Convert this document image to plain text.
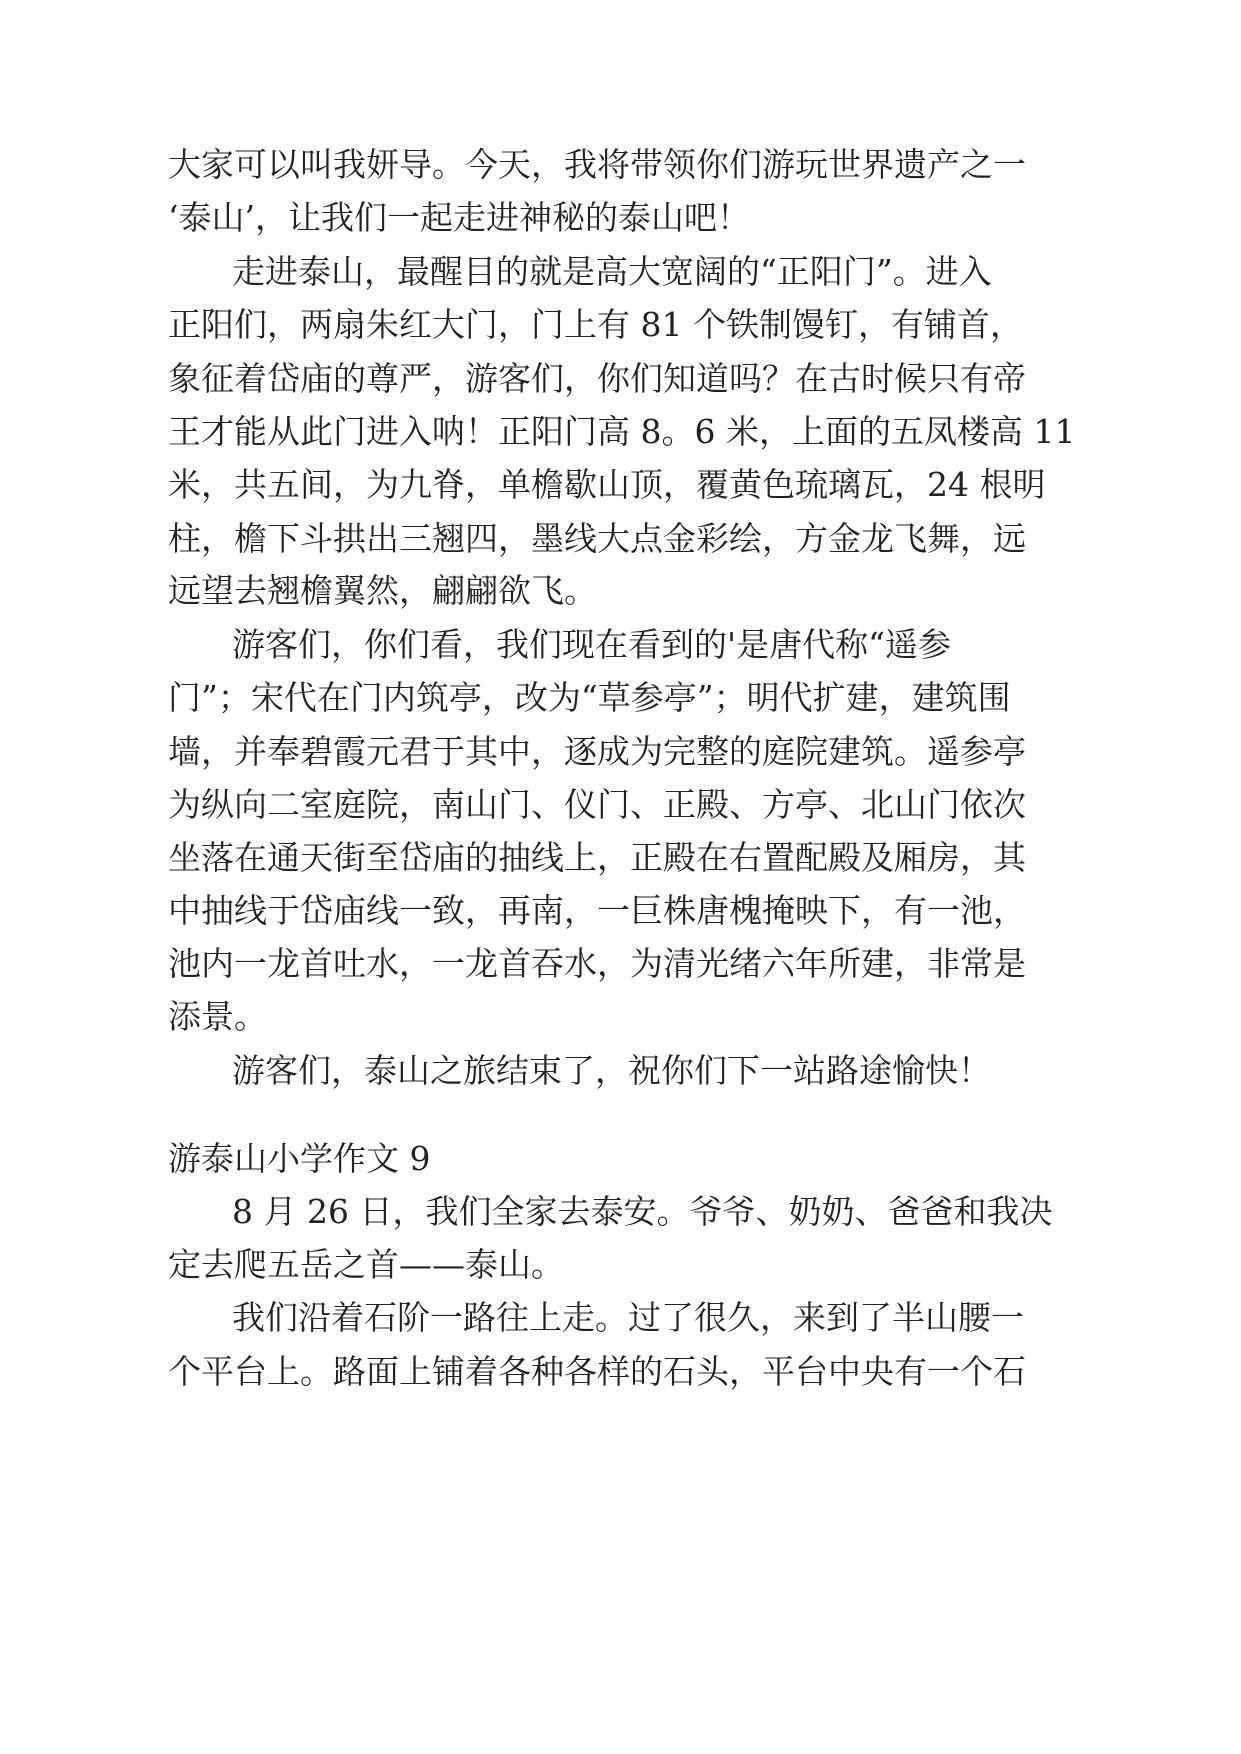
大家可以叫我妍导。今天，我将带领你们游玩世界遗产之一

‘泰山’，让我们一起走进神秘的泰山吧！

走进泰山，最醒目的就是高大宽阔的“正阳门”。进入

正阳们，两扇朱红大门，门上有 81 个铁制馒钉，有铺首，

象征着岱庙的尊严，游客们，你们知道吗？在古时候只有帝

王才能从此门进入呐！正阳门高 8。6 米，上面的五凤楼高 11

米，共五间，为九脊，单檐歇山顶，覆黄色琉璃瓦，24 根明

柱，檐下斗拱出三翘四，墨线大点金彩绘，方金龙飞舞，远

远望去翘檐翼然，翩翩欲飞。

游客们，你们看，我们现在看到的'是唐代称“遥参

门”；宋代在门内筑亭，改为“草参亭”；明代扩建，建筑围

墙，并奉碧霞元君于其中，逐成为完整的庭院建筑。遥参亭

为纵向二室庭院，南山门、仪门、正殿、方亭、北山门依次

坐落在通天街至岱庙的抽线上，正殿在右置配殿及厢房，其

中抽线于岱庙线一致，再南，一巨株唐槐掩映下，有一池，

池内一龙首吐水，一龙首吞水，为清光绪六年所建，非常是

添景。

游客们，泰山之旅结束了，祝你们下一站路途愉快！

游泰山小学作文 9

8 月 26 日，我们全家去泰安。爷爷、奶奶、爸爸和我决

定去爬五岳之首——泰山。

我们沿着石阶一路往上走。过了很久，来到了半山腰一

个平台上。路面上铺着各种各样的石头，平台中央有一个石
